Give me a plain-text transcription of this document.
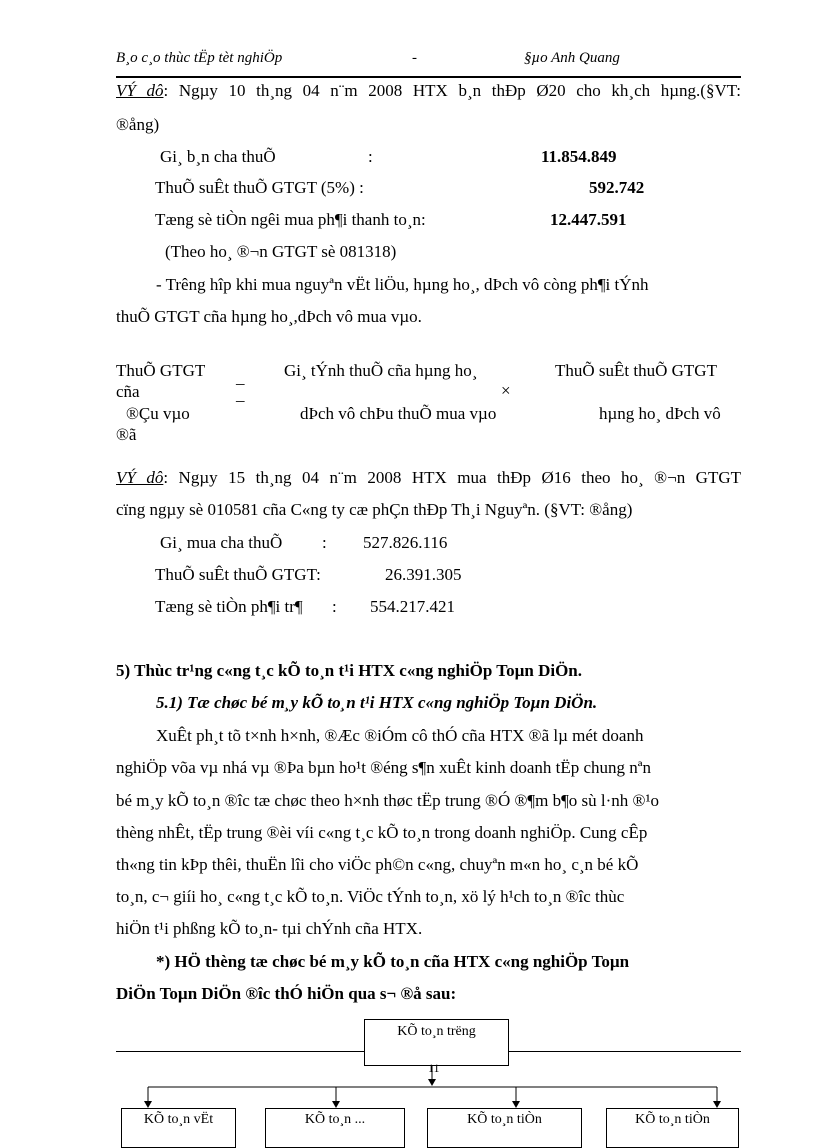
B¸o c¸o thùc tËp tèt nghiÖp	-	§µo Anh Quang
VÝ dô: Ngµy 10 th¸ng 04 n¨m 2008 HTX b¸n thÐp Ø20 cho kh¸ch hµng.(§VT:
®ång)
Gi¸ b¸n cha thuÕ	:	11.854.849
ThuÕ suÊt thuÕ GTGT (5%) :	592.742
Tæng sè tiÒn ngêi mua ph¶i thanh to¸n:	12.447.591
(Theo ho¸ ®¬n GTGT sè 081318)
- Trêng hîp khi mua nguyªn vËt liÖu, hµng ho¸, dÞch vô còng ph¶i tÝnh
thuÕ GTGT cña hµng ho¸,dÞch vô mua vµo.
ThuÕ GTGT
cña
®Çu vµo
®ã
_
_
Gi¸ tÝnh thuÕ cña hµng ho¸
dÞch vô chÞu thuÕ mua vµo
×
ThuÕ suÊt thuÕ GTGT
hµng ho¸ dÞch vô
VÝ dô: Ngµy 15 th¸ng 04 n¨m 2008 HTX mua thÐp Ø16 theo ho¸ ®¬n GTGT
cïng ngµy sè 010581 cña C«ng ty cæ phÇn thÐp Th¸i Nguyªn. (§VT: ®ång)
Gi¸ mua cha thuÕ : 527.826.116
ThuÕ suÊt thuÕ GTGT:	26.391.305
Tæng sè tiÒn ph¶i tr¶ : 554.217.421
5) Thùc tr¹ng c«ng t¸c kÕ to¸n t¹i HTX c«ng nghiÖp Toµn DiÖn.
5.1) Tæ chøc bé m¸y kÕ to¸n t¹i HTX c«ng nghiÖp Toµn DiÖn.
XuÊt ph¸t tõ t×nh h×nh, ®Æc ®iÓm cô thÓ cña HTX ®ã lµ mét doanh
nghiÖp võa vµ nhá vµ ®Þa bµn ho¹t ®éng s¶n xuÊt kinh doanh tËp chung nªn
bé m¸y kÕ to¸n ®îc tæ chøc theo h×nh thøc tËp trung ®Ó ®¶m b¶o sù l·nh ®¹o
thèng nhÊt, tËp trung ®èi víi c«ng t¸c kÕ to¸n trong doanh nghiÖp. Cung cÊp
th«ng tin kÞp thêi, thuËn lîi cho viÖc ph©n c«ng, chuyªn m«n ho¸ c¸n bé kÕ
to¸n, c¬ giíi ho¸ c«ng t¸c kÕ to¸n. ViÖc tÝnh to¸n, xö lý h¹ch to¸n ®îc thùc
hiÖn t¹i phßng kÕ to¸n- tµi chÝnh cña HTX.
*) HÖ thèng tæ chøc bé m¸y kÕ to¸n cña HTX c«ng nghiÖp Toµn
DiÖn Toµn DiÖn ®îc thÓ hiÖn qua s¬ ®å sau:
KÕ to¸n trëng
11
KÕ to¸n vËt	KÕ to¸n ...	KÕ to¸n tiÒn	KÕ to¸n tiÒn
